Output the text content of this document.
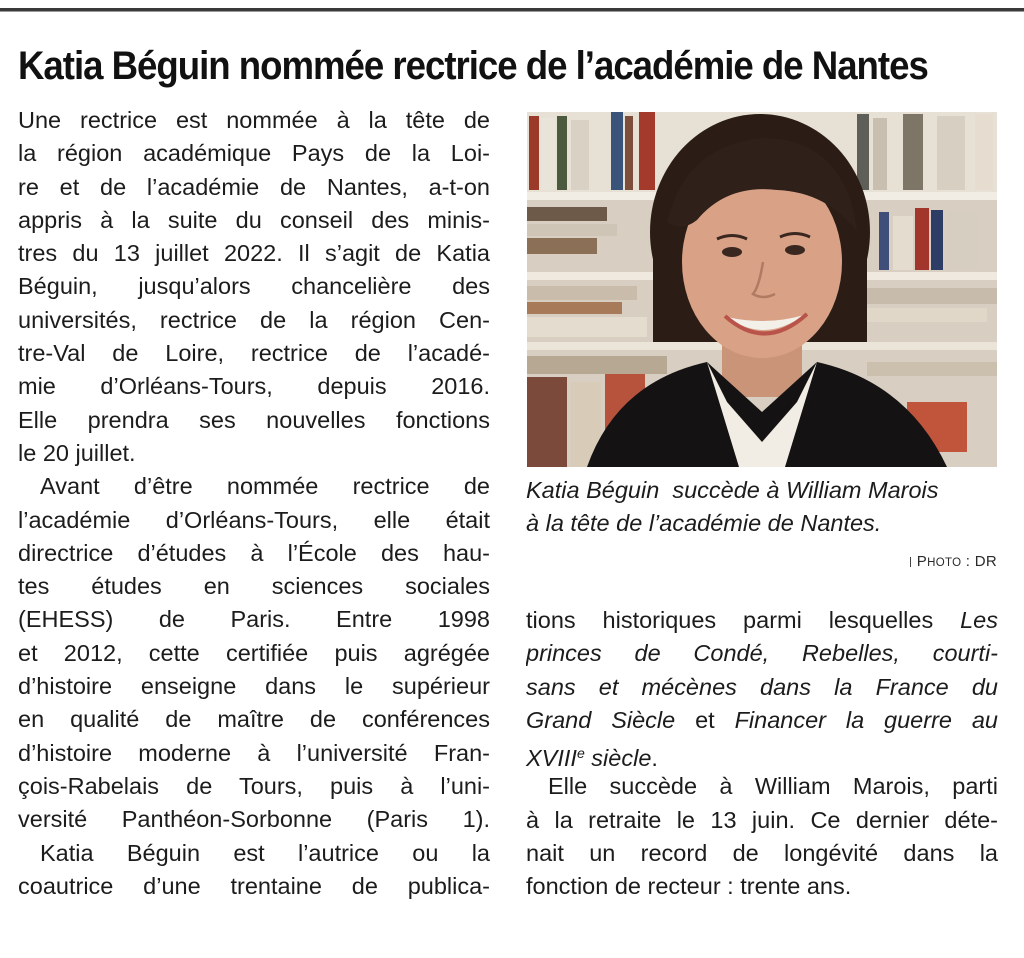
Katia Béguin nommée rectrice de l’académie de Nantes
Une rectrice est nommée à la tête de
la région académique Pays de la Loi-
re et de l’académie de Nantes, a-t-on
appris à la suite du conseil des minis-
tres du 13 juillet 2022. Il s’agit de Katia
Béguin, jusqu’alors chancelière des
universités, rectrice de la région Cen-
tre-Val de Loire, rectrice de l’acadé-
mie d’Orléans-Tours, depuis 2016.
Elle prendra ses nouvelles fonctions
le 20 juillet.
Avant d’être nommée rectrice de
l’académie d’Orléans-Tours, elle était
directrice d’études à l’École des hau-
tes études en sciences sociales
(EHESS) de Paris. Entre 1998
et 2012, cette certifiée puis agrégée
d’histoire enseigne dans le supérieur
en qualité de maître de conférences
d’histoire moderne à l’université Fran-
çois-Rabelais de Tours, puis à l’uni-
versité Panthéon-Sorbonne (Paris 1).
Katia Béguin est l’autrice ou la
coautrice d’une trentaine de publica-
Katia Béguin  succède à William Marois
à la tête de l’académie de Nantes.
PHOTO : DR
tions historiques parmi lesquelles Les
princes de Condé, Rebelles, courti-
sans et mécènes dans la France du
Grand Siècle et Financer la guerre au
XVIIIe siècle.
Elle succède à William Marois, parti
à la retraite le 13 juin. Ce dernier déte-
nait un record de longévité dans la
fonction de recteur : trente ans.
